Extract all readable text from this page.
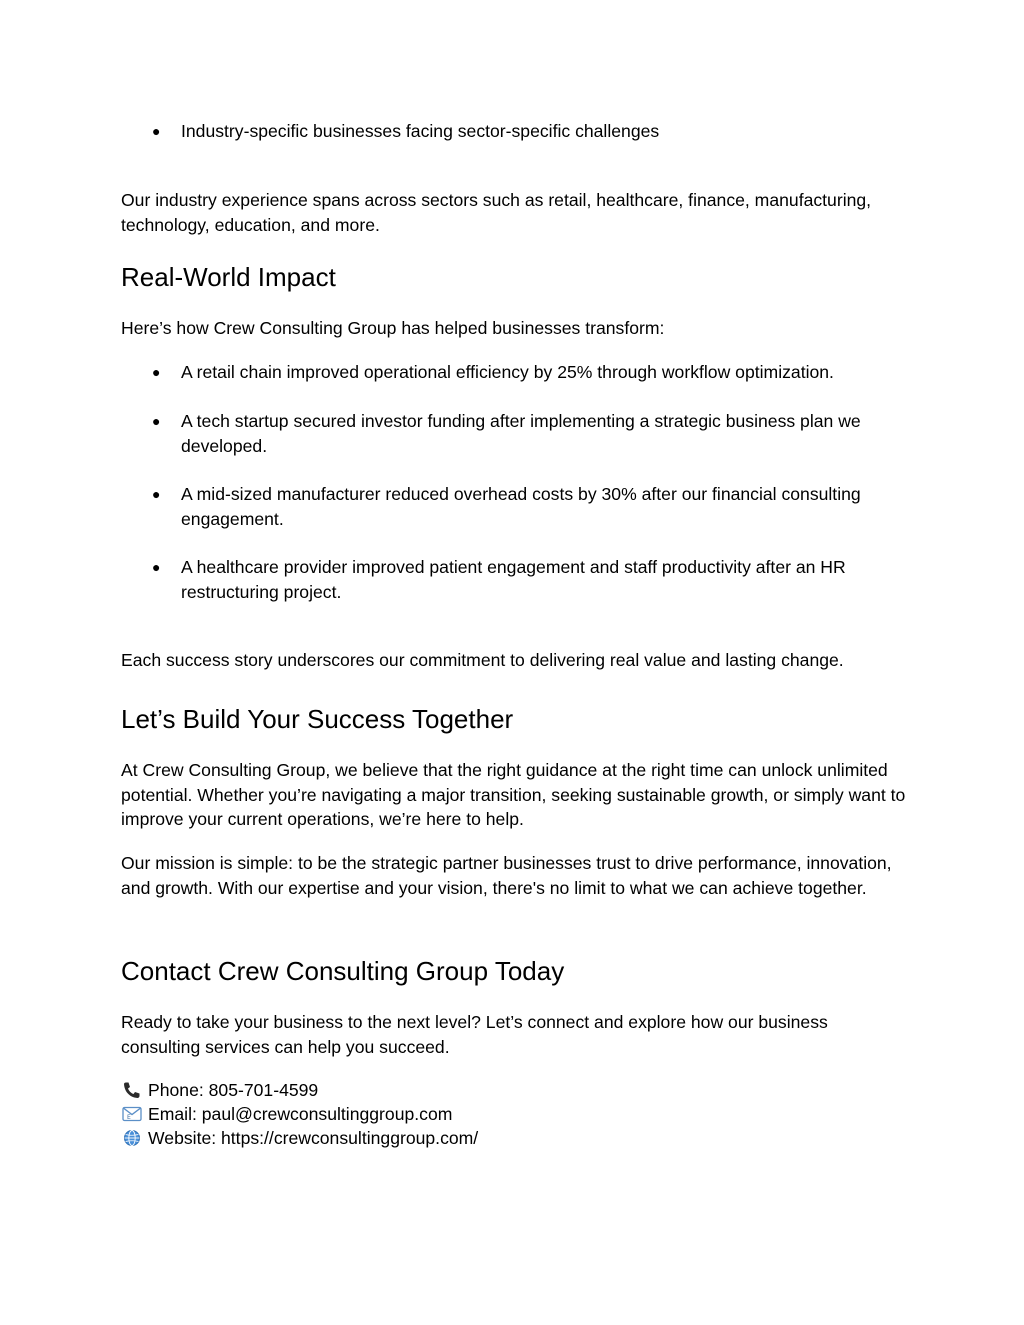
● Industry-specific businesses facing sector-specific challenges

Our industry experience spans across sectors such as retail, healthcare, finance, manufacturing, technology, education, and more.

Real-World Impact

Here’s how Crew Consulting Group has helped businesses transform:

● A retail chain improved operational efficiency by 25% through workflow optimization.
● A tech startup secured investor funding after implementing a strategic business plan we developed.
● A mid-sized manufacturer reduced overhead costs by 30% after our financial consulting engagement.
● A healthcare provider improved patient engagement and staff productivity after an HR restructuring project.

Each success story underscores our commitment to delivering real value and lasting change.

Let’s Build Your Success Together

At Crew Consulting Group, we believe that the right guidance at the right time can unlock unlimited potential. Whether you’re navigating a major transition, seeking sustainable growth, or simply want to improve your current operations, we’re here to help.

Our mission is simple: to be the strategic partner businesses trust to drive performance, innovation, and growth. With our expertise and your vision, there's no limit to what we can achieve together.

Contact Crew Consulting Group Today

Ready to take your business to the next level? Let’s connect and explore how our business consulting services can help you succeed.

Phone: 805-701-4599
E Email: paul@crewconsultinggroup.com
Website: https://crewconsultinggroup.com/
